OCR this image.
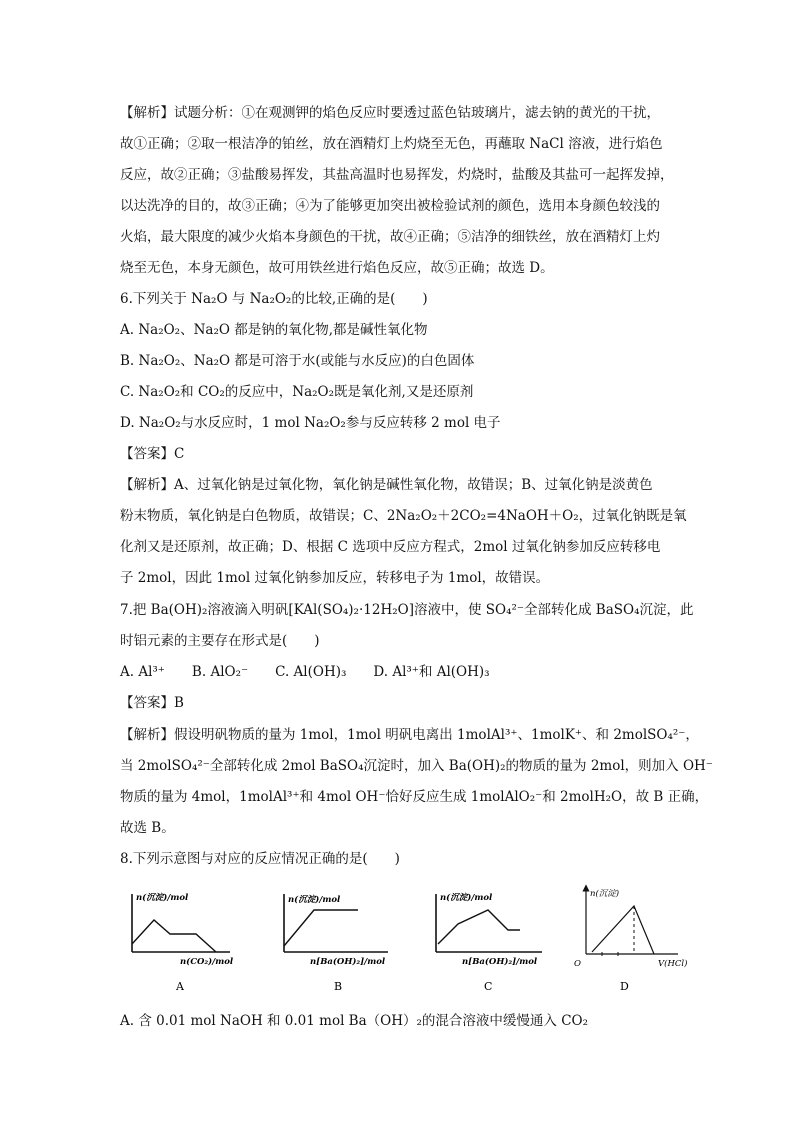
【解析】试题分析：①在观测钾的焰色反应时要透过蓝色钴玻璃片，滤去钠的黄光的干扰，
故①正确；②取一根洁净的铂丝，放在酒精灯上灼烧至无色，再蘸取 NaCl 溶液，进行焰色
反应，故②正确；③盐酸易挥发，其盐高温时也易挥发，灼烧时，盐酸及其盐可一起挥发掉，
以达洗净的目的，故③正确；④为了能够更加突出被检验试剂的颜色，选用本身颜色较浅的
火焰，最大限度的减少火焰本身颜色的干扰，故④正确；⑤洁净的细铁丝，放在酒精灯上灼
烧至无色，本身无颜色，故可用铁丝进行焰色反应，故⑤正确；故选 D。
6.下列关于 Na₂O 与 Na₂O₂的比较,正确的是(　　)
A. Na₂O₂、Na₂O 都是钠的氧化物,都是碱性氧化物
B. Na₂O₂、Na₂O 都是可溶于水(或能与水反应)的白色固体
C. Na₂O₂和 CO₂的反应中，Na₂O₂既是氧化剂,又是还原剂
D. Na₂O₂与水反应时，1 mol Na₂O₂参与反应转移 2 mol 电子
【答案】C
【解析】A、过氧化钠是过氧化物，氧化钠是碱性氧化物，故错误；B、过氧化钠是淡黄色
粉末物质，氧化钠是白色物质，故错误；C、2Na₂O₂＋2CO₂=4NaOH＋O₂，过氧化钠既是氧
化剂又是还原剂，故正确；D、根据 C 选项中反应方程式，2mol 过氧化钠参加反应转移电
子 2mol，因此 1mol 过氧化钠参加反应，转移电子为 1mol，故错误。
7.把 Ba(OH)₂溶液滴入明矾[KAl(SO₄)₂·12H₂O]溶液中，使 SO₄²⁻全部转化成 BaSO₄沉淀，此
时铝元素的主要存在形式是(　　)
A. Al³⁺　　B. AlO₂⁻　　C. Al(OH)₃　　D. Al³⁺和 Al(OH)₃
【答案】B
【解析】假设明矾物质的量为 1mol，1mol 明矾电离出 1molAl³⁺、1molK⁺、和 2molSO₄²⁻，
当 2molSO₄²⁻全部转化成 2mol BaSO₄沉淀时，加入 Ba(OH)₂的物质的量为 2mol，则加入 OH⁻
物质的量为 4mol，1molAl³⁺和 4mol OH⁻恰好反应生成 1molAlO₂⁻和 2molH₂O，故 B 正确，
故选 B。
8.下列示意图与对应的反应情况正确的是(　　)
n(沉淀)/mol
n(CO₂)/mol
A
n(沉淀)/mol
n[Ba(OH)₂]/mol
B
n(沉淀)/mol
n[Ba(OH)₂]/mol
C
n(沉淀)
O	V(HCl)
D
A. 含 0.01 mol NaOH 和 0.01 mol Ba（OH）₂的混合溶液中缓慢通入 CO₂
